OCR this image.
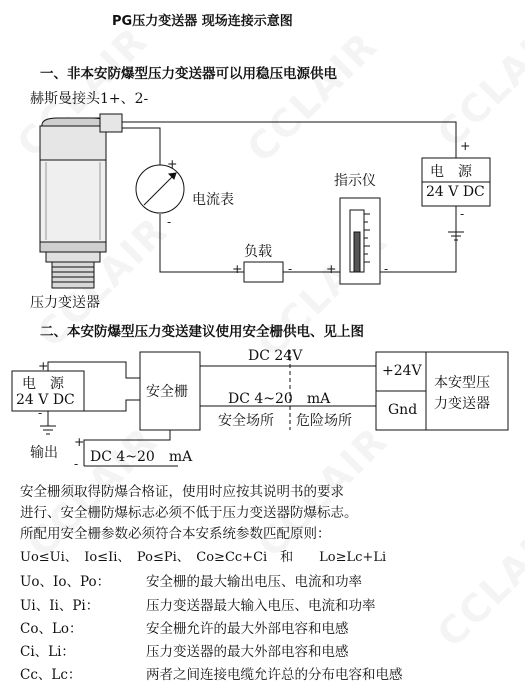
PG压力变送器 现场连接示意图
一、非本安防爆型压力变送器可以用稳压电源供电
赫斯曼接头1+、2-
压力变送器
电流表
指示仪
负载
电　源
24 V DC
+
-
+	-	+	-
+
-
二、本安防爆型压力变送建议使用安全栅供电、见上图
电　源
24 V DC
+
-
安全栅
DC 24V
DC 4~20　mA
安全场所 危险场所
+24V
Gnd
本安型压
力变送器
输出
+
- DC 4~20　mA
安全栅须取得防爆合格证，使用时应按其说明书的要求
进行、安全栅防爆标志必须不低于压力变送器防爆标志。
所配用安全栅参数必须符合本安系统参数匹配原则：
Uo≤Ui、　Io≤Ii、　Po≤Pi、　Co≥Cc+Ci　和　　Lo≥Lc+Li
Uo、Io、Po：	安全栅的最大输出电压、电流和功率
Ui、Ii、Pi：	压力变送器最大输入电压、电流和功率
Co、Lo：	安全栅允许的最大外部电容和电感
Ci、Li：	压力变送器的最大外部电容和电感
Cc、Lc：	两者之间连接电缆允许总的分布电容和电感
